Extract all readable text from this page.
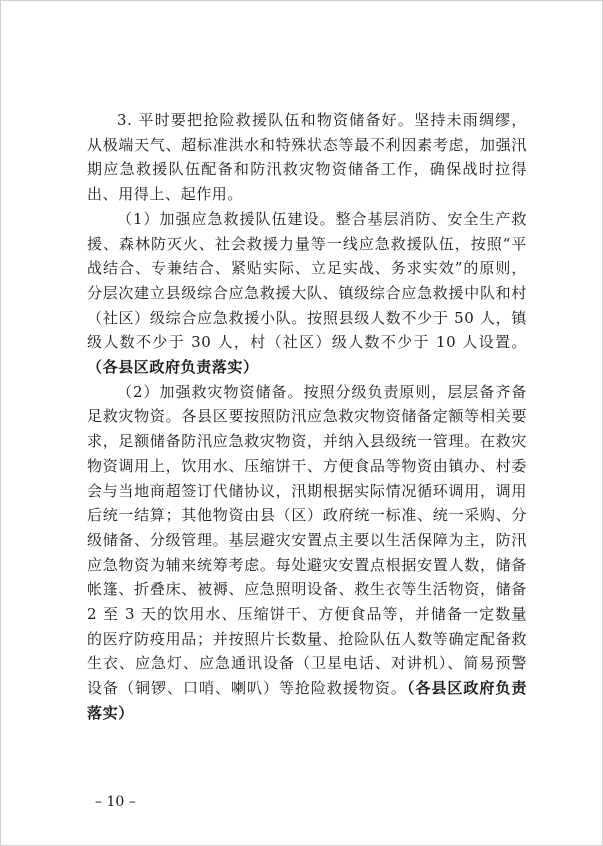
3. 平时要把抢险救援队伍和物资储备好。坚持未雨绸缪，从极端天气、超标准洪水和特殊状态等最不利因素考虑，加强汛期应急救援队伍配备和防汛救灾物资储备工作，确保战时拉得出、用得上、起作用。

（1）加强应急救援队伍建设。整合基层消防、安全生产救援、森林防灭火、社会救援力量等一线应急救援队伍，按照“平战结合、专兼结合、紧贴实际、立足实战、务求实效”的原则，分层次建立县级综合应急救援大队、镇级综合应急救援中队和村（社区）级综合应急救援小队。按照县级人数不少于 50 人，镇级人数不少于 30 人，村（社区）级人数不少于 10 人设置。（各县区政府负责落实）

（2）加强救灾物资储备。按照分级负责原则，层层备齐备足救灾物资。各县区要按照防汛应急救灾物资储备定额等相关要求，足额储备防汛应急救灾物资，并纳入县级统一管理。在救灾物资调用上，饮用水、压缩饼干、方便食品等物资由镇办、村委会与当地商超签订代储协议，汛期根据实际情况循环调用，调用后统一结算；其他物资由县（区）政府统一标准、统一采购、分级储备、分级管理。基层避灾安置点主要以生活保障为主，防汛应急物资为辅来统筹考虑。每处避灾安置点根据安置人数，储备帐篷、折叠床、被褥、应急照明设备、救生衣等生活物资，储备 2 至 3 天的饮用水、压缩饼干、方便食品等，并储备一定数量的医疗防疫用品；并按照片长数量、抢险队伍人数等确定配备救生衣、应急灯、应急通讯设备（卫星电话、对讲机）、简易预警设备（铜锣、口哨、喇叭）等抢险救援物资。（各县区政府负责落实）

– 10 –
